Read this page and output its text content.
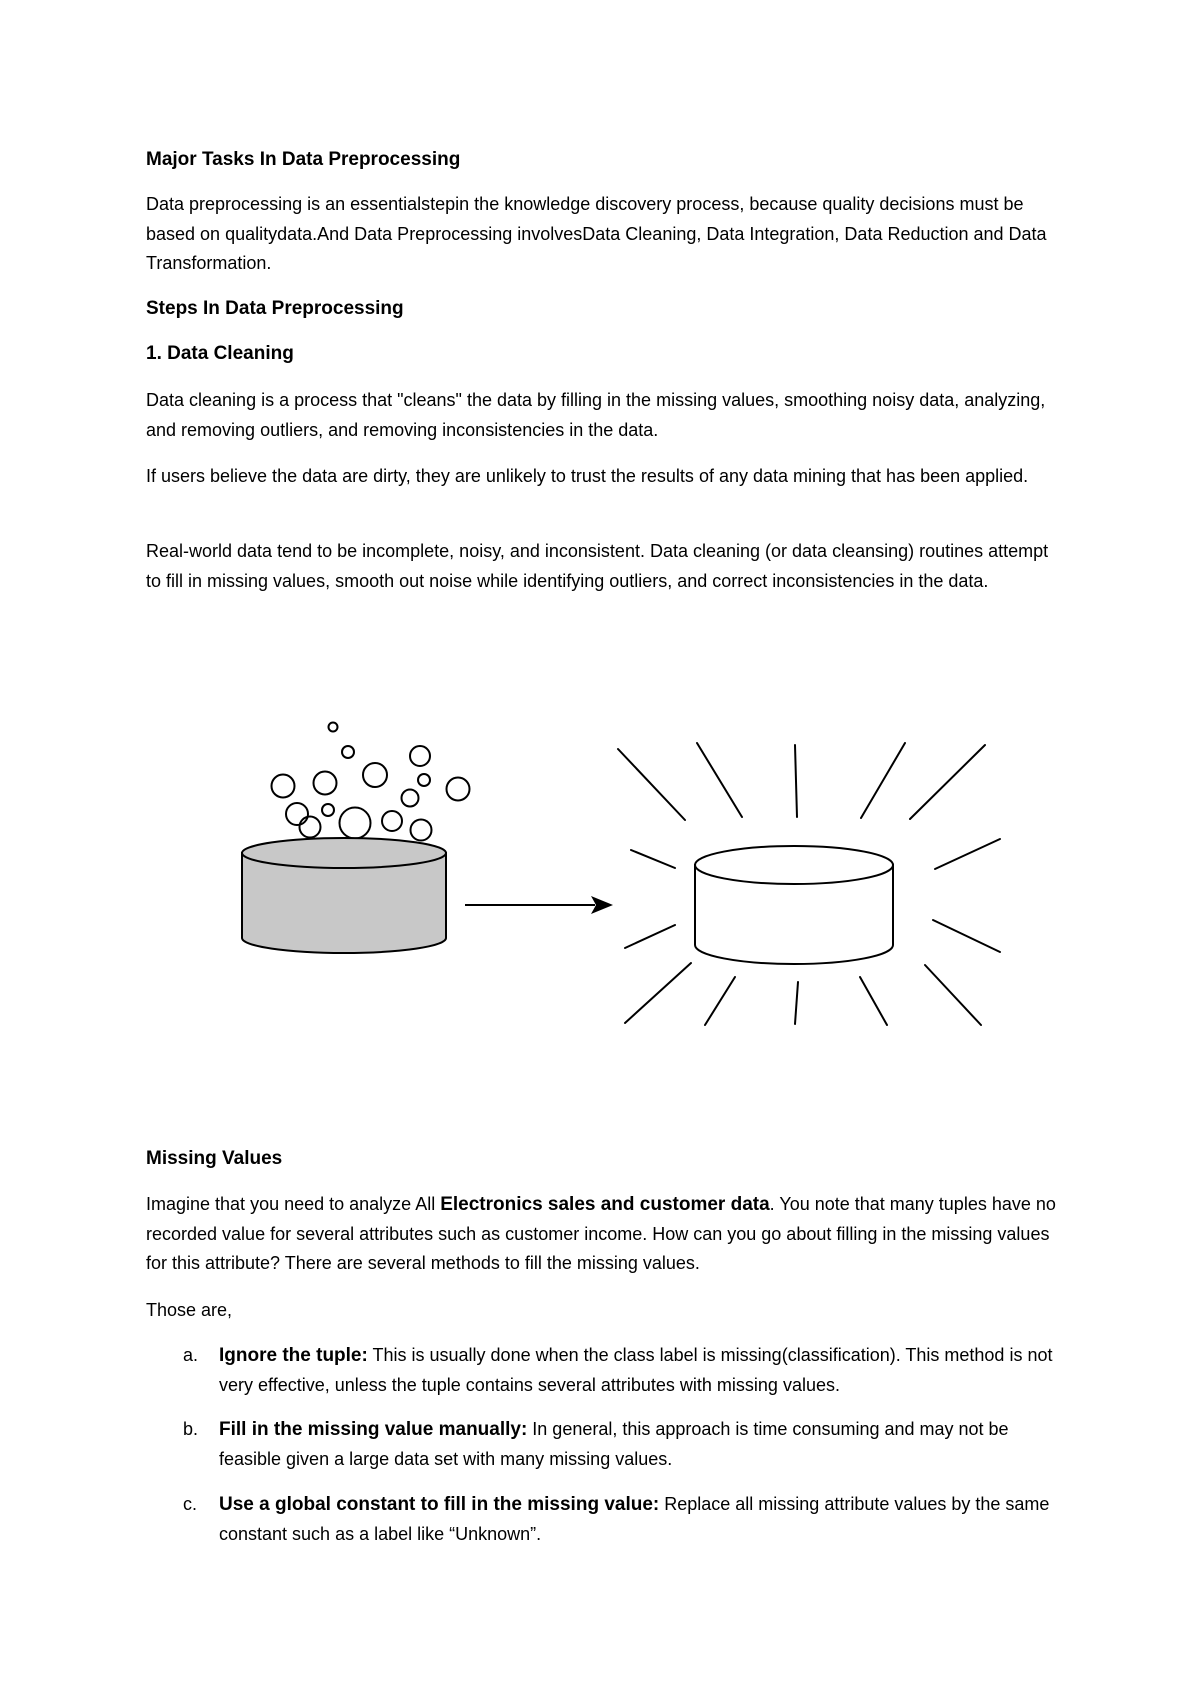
Major Tasks In Data Preprocessing
Data preprocessing is an essentialstepin the knowledge discovery process, because quality decisions must be based on qualitydata.And Data Preprocessing involvesData Cleaning, Data Integration, Data Reduction and Data Transformation.
Steps In Data Preprocessing
1. Data Cleaning
Data cleaning is a process that "cleans" the data by filling in the missing values, smoothing noisy data, analyzing, and removing outliers, and removing inconsistencies in the data.
If users believe the data are dirty, they are unlikely to trust the results of any data mining that has been applied.
Real-world data tend to be incomplete, noisy, and inconsistent. Data cleaning (or data cleansing) routines attempt to fill in missing values, smooth out noise while identifying outliers, and correct inconsistencies in the data.
Missing Values
Imagine that you need to analyze All Electronics sales and customer data. You note that many tuples have no recorded value for several attributes such as customer income. How can you go about filling in the missing values for this attribute? There are several methods to fill the missing values.
Those are,
a.	Ignore the tuple: This is usually done when the class label is missing(classification). This method is not very effective, unless the tuple contains several attributes with missing values.
b.	Fill in the missing value manually: In general, this approach is time consuming and may not be feasible given a large data set with many missing values.
c.	Use a global constant to fill in the missing value: Replace all missing attribute values by the same constant such as a label like “Unknown”.
